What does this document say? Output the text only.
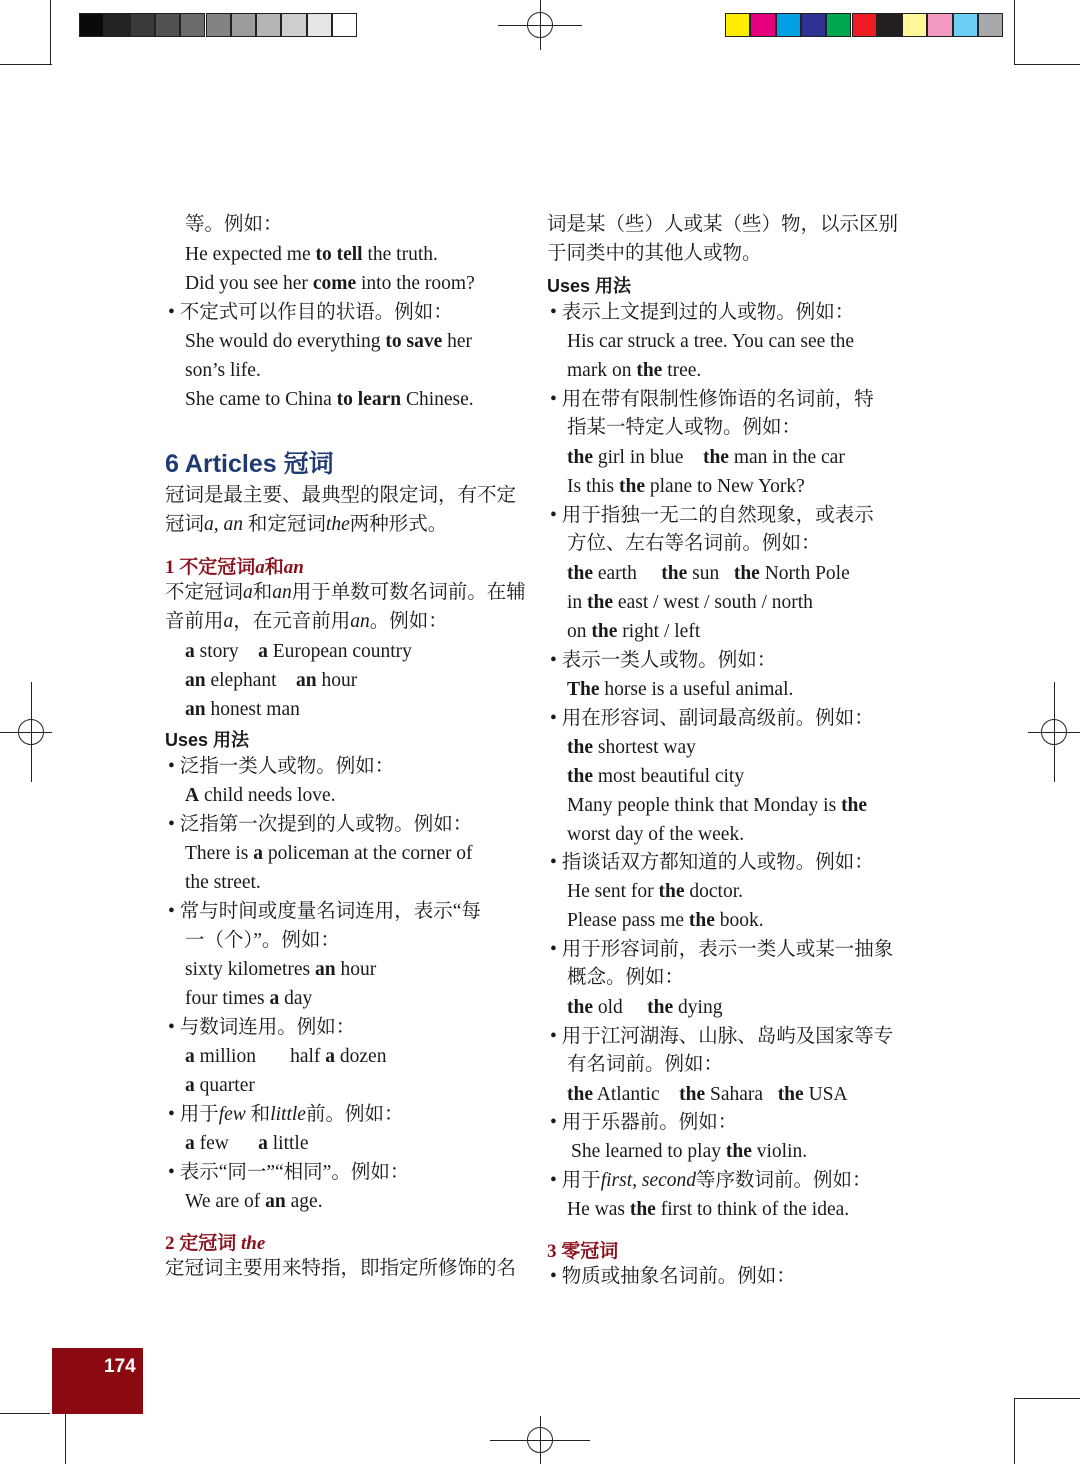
等。例如：
He expected me to tell the truth.
Did you see her come into the room?
• 不定式可以作目的状语。例如：
She would do everything to save her
son’s life.
She came to China to learn Chinese.
6 Articles 冠词
冠词是最主要、最典型的限定词，有不定
冠词a, an 和定冠词the两种形式。
1 不定冠词a和an
不定冠词a和an用于单数可数名词前。在辅
音前用a，在元音前用an。例如：
a story    a European country
an elephant    an hour
an honest man
Uses 用法
• 泛指一类人或物。例如：
A child needs love.
• 泛指第一次提到的人或物。例如：
There is a policeman at the corner of
the street.
• 常与时间或度量名词连用，表示“每
一（个）”。例如：
sixty kilometres an hour
four times a day
• 与数词连用。例如：
a million       half a dozen
a quarter
• 用于few 和little前。例如：
a few      a little
• 表示“同一”“相同”。例如：
We are of an age.
2 定冠词 the
定冠词主要用来特指，即指定所修饰的名
词是某（些）人或某（些）物，以示区别
于同类中的其他人或物。
Uses 用法
• 表示上文提到过的人或物。例如：
His car struck a tree. You can see the
mark on the tree.
• 用在带有限制性修饰语的名词前，特
指某一特定人或物。例如：
the girl in blue    the man in the car
Is this the plane to New York?
• 用于指独一无二的自然现象，或表示
方位、左右等名词前。例如：
the earth     the sun   the North Pole
in the east / west / south / north
on the right / left
• 表示一类人或物。例如：
The horse is a useful animal.
• 用在形容词、副词最高级前。例如：
the shortest way
the most beautiful city
Many people think that Monday is the
worst day of the week.
• 指谈话双方都知道的人或物。例如：
He sent for the doctor.
Please pass me the book.
• 用于形容词前，表示一类人或某一抽象
概念。例如：
the old     the dying
• 用于江河湖海、山脉、岛屿及国家等专
有名词前。例如：
the Atlantic    the Sahara   the USA
• 用于乐器前。例如：
She learned to play the violin.
• 用于first, second等序数词前。例如：
He was the first to think of the idea.
3 零冠词
• 物质或抽象名词前。例如：
174
